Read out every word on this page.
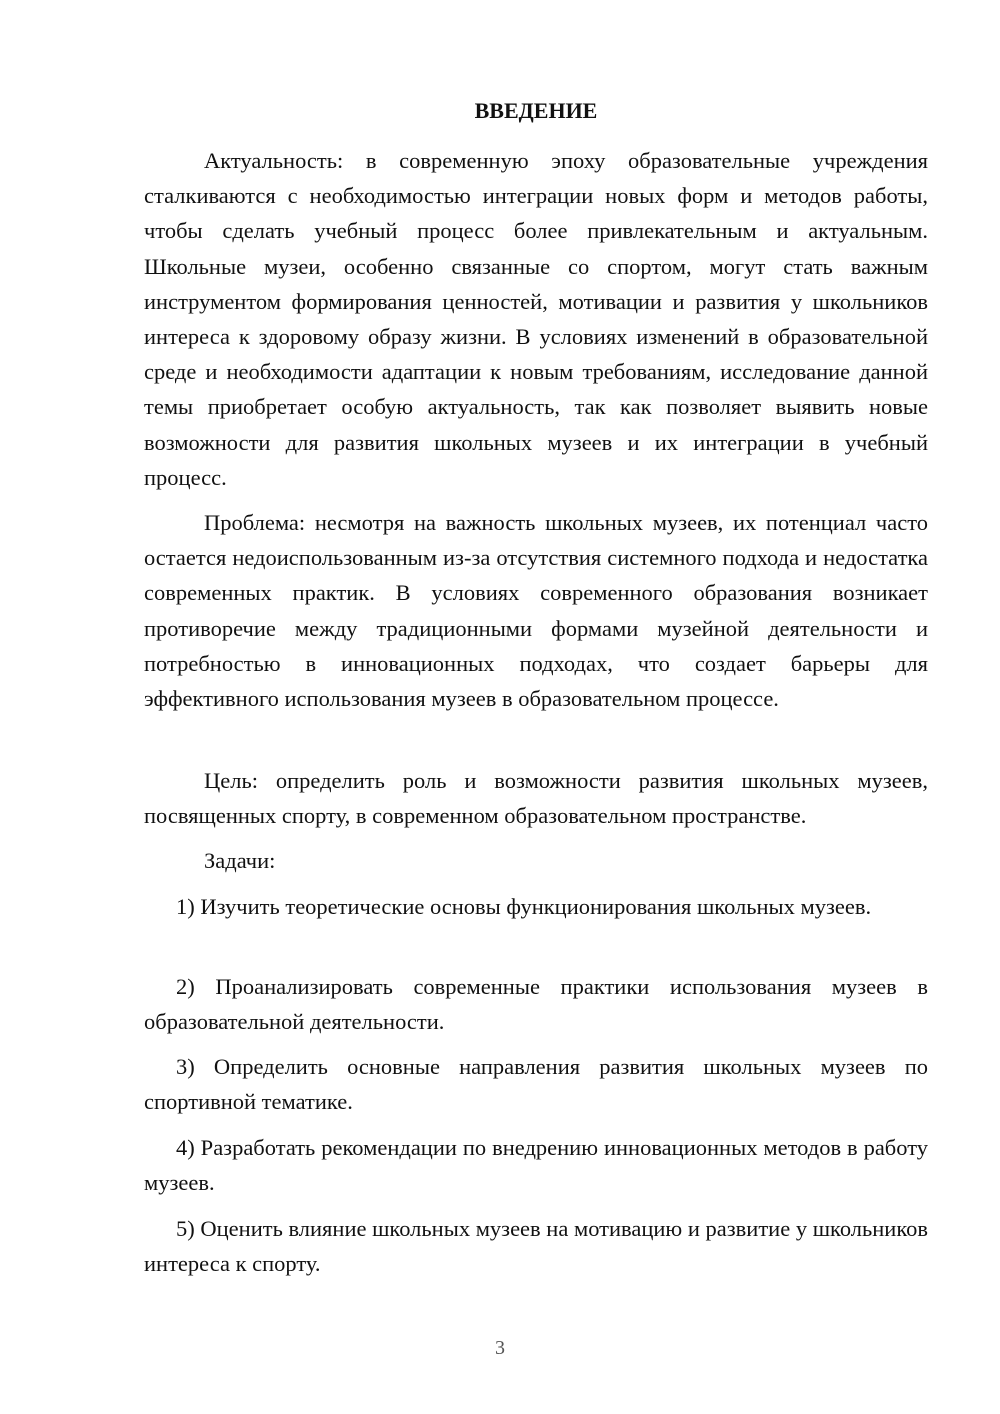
ВВЕДЕНИЕ

Актуальность: в современную эпоху образовательные учреждения сталкиваются с необходимостью интеграции новых форм и методов работы, чтобы сделать учебный процесс более привлекательным и актуальным. Школьные музеи, особенно связанные со спортом, могут стать важным инструментом формирования ценностей, мотивации и развития у школьников интереса к здоровому образу жизни. В условиях изменений в образовательной среде и необходимости адаптации к новым требованиям, исследование данной темы приобретает особую актуальность, так как позволяет выявить новые возможности для развития школьных музеев и их интеграции в учебный процесс.

Проблема: несмотря на важность школьных музеев, их потенциал часто остается недоиспользованным из-за отсутствия системного подхода и недостатка современных практик. В условиях современного образования возникает противоречие между традиционными формами музейной деятельности и потребностью в инновационных подходах, что создает барьеры для эффективного использования музеев в образовательном процессе.

Цель: определить роль и возможности развития школьных музеев, посвященных спорту, в современном образовательном пространстве.

Задачи:

1) Изучить теоретические основы функционирования школьных музеев.

2) Проанализировать современные практики использования музеев в образовательной деятельности.

3) Определить основные направления развития школьных музеев по спортивной тематике.

4) Разработать рекомендации по внедрению инновационных методов в работу музеев.

5) Оценить влияние школьных музеев на мотивацию и развитие у школьников интереса к спорту.

3
